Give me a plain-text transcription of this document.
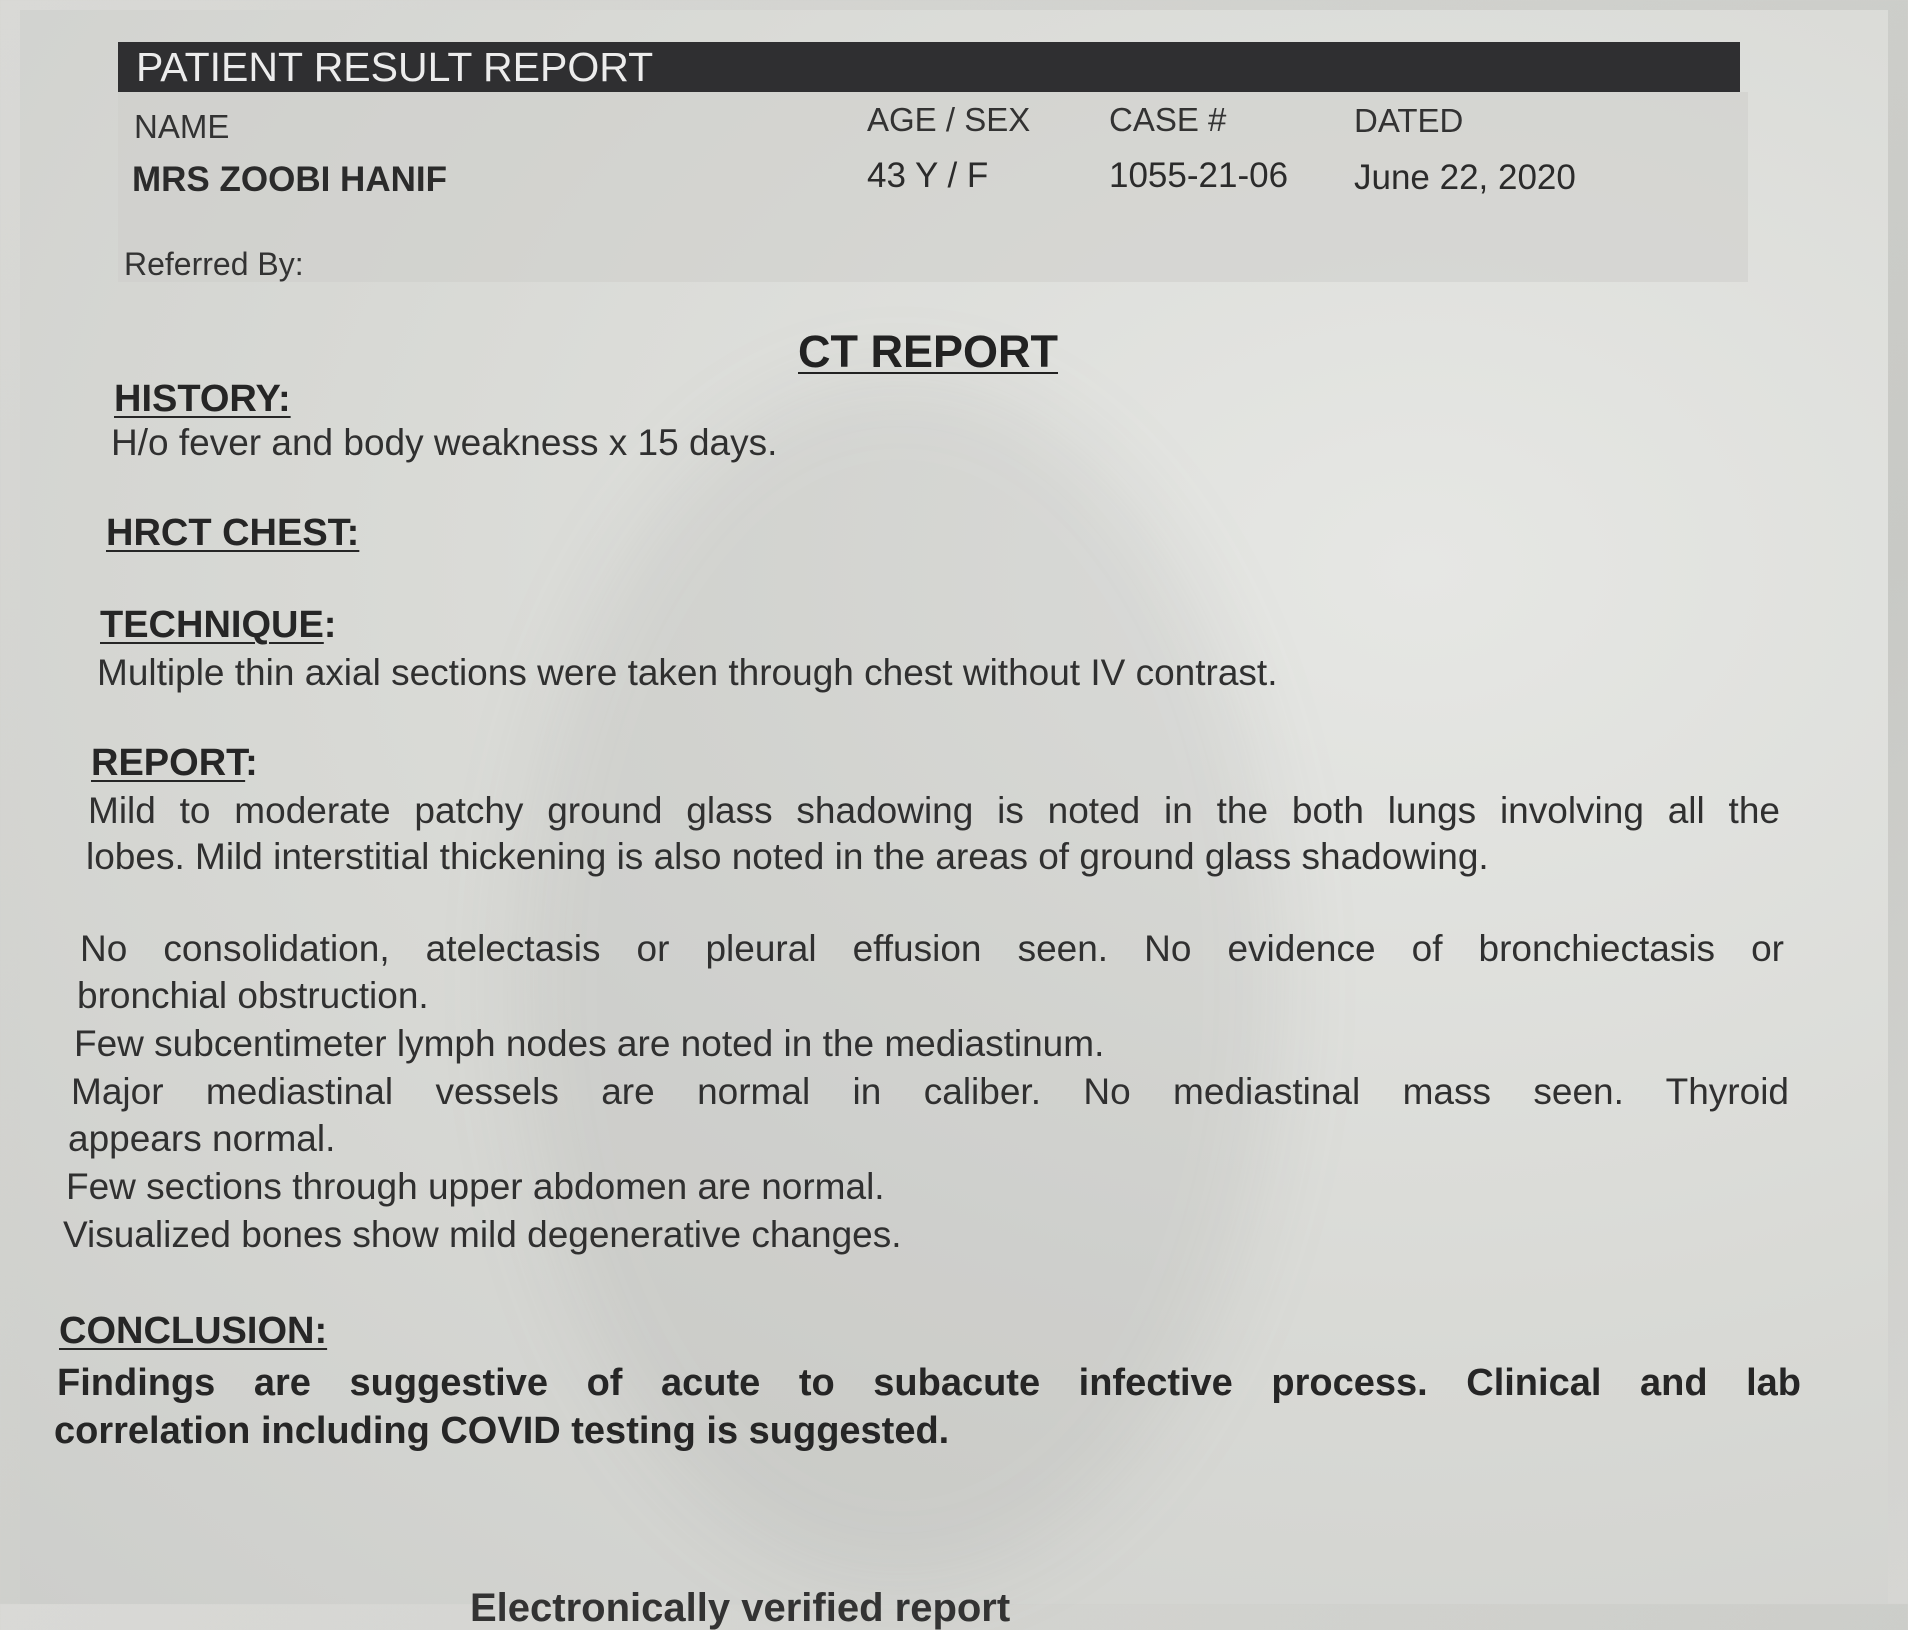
PATIENT RESULT REPORT
NAME
MRS ZOOBI HANIF
AGE / SEX
43 Y / F
CASE #
1055-21-06
DATED
June 22, 2020
Referred By:
CT REPORT
HISTORY:
H/o fever and body weakness x 15 days.
HRCT CHEST:
TECHNIQUE:
Multiple thin axial sections were taken through chest without IV contrast.
REPORT:
Mild to moderate patchy ground glass shadowing is noted in the both lungs involving all the
lobes. Mild interstitial thickening is also noted in the areas of ground glass shadowing.
No consolidation, atelectasis or pleural effusion seen. No evidence of bronchiectasis or
bronchial obstruction.
Few subcentimeter lymph nodes are noted in the mediastinum.
Major mediastinal vessels are normal in caliber. No mediastinal mass seen. Thyroid
appears normal.
Few sections through upper abdomen are normal.
Visualized bones show mild degenerative changes.
CONCLUSION:
Findings are suggestive of acute to subacute infective process. Clinical and lab
correlation including COVID testing is suggested.
Electronically verified report
